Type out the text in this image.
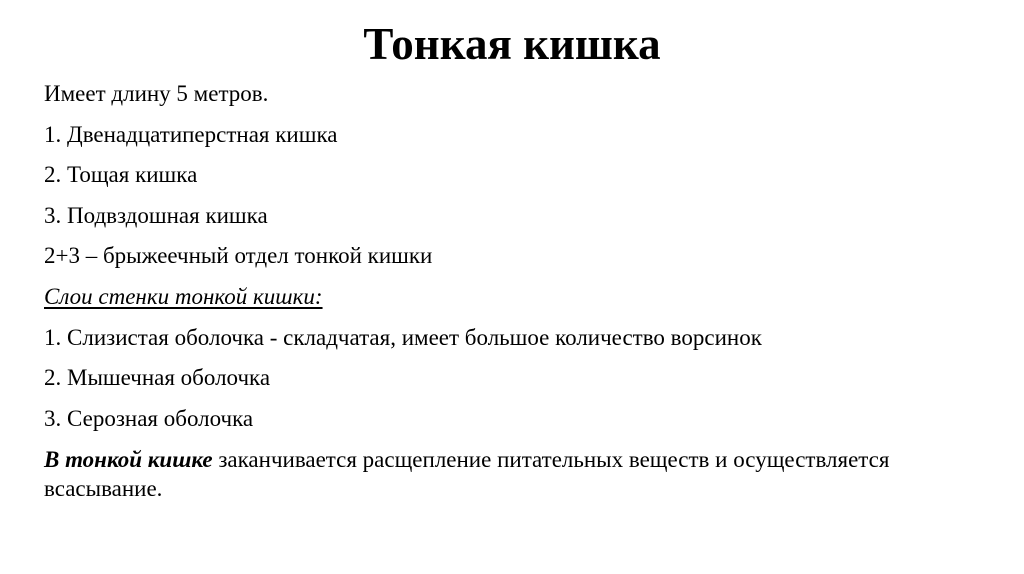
Тонкая кишка

Имеет длину 5 метров.

1. Двенадцатиперстная кишка

2. Тощая кишка

3. Подвздошная кишка

2+3 – брыжеечный отдел тонкой кишки

Слои стенки тонкой кишки:

1. Слизистая оболочка - складчатая, имеет большое количество ворсинок

2. Мышечная оболочка

3. Серозная оболочка

В тонкой кишке заканчивается расщепление питательных веществ и осуществляется всасывание.
